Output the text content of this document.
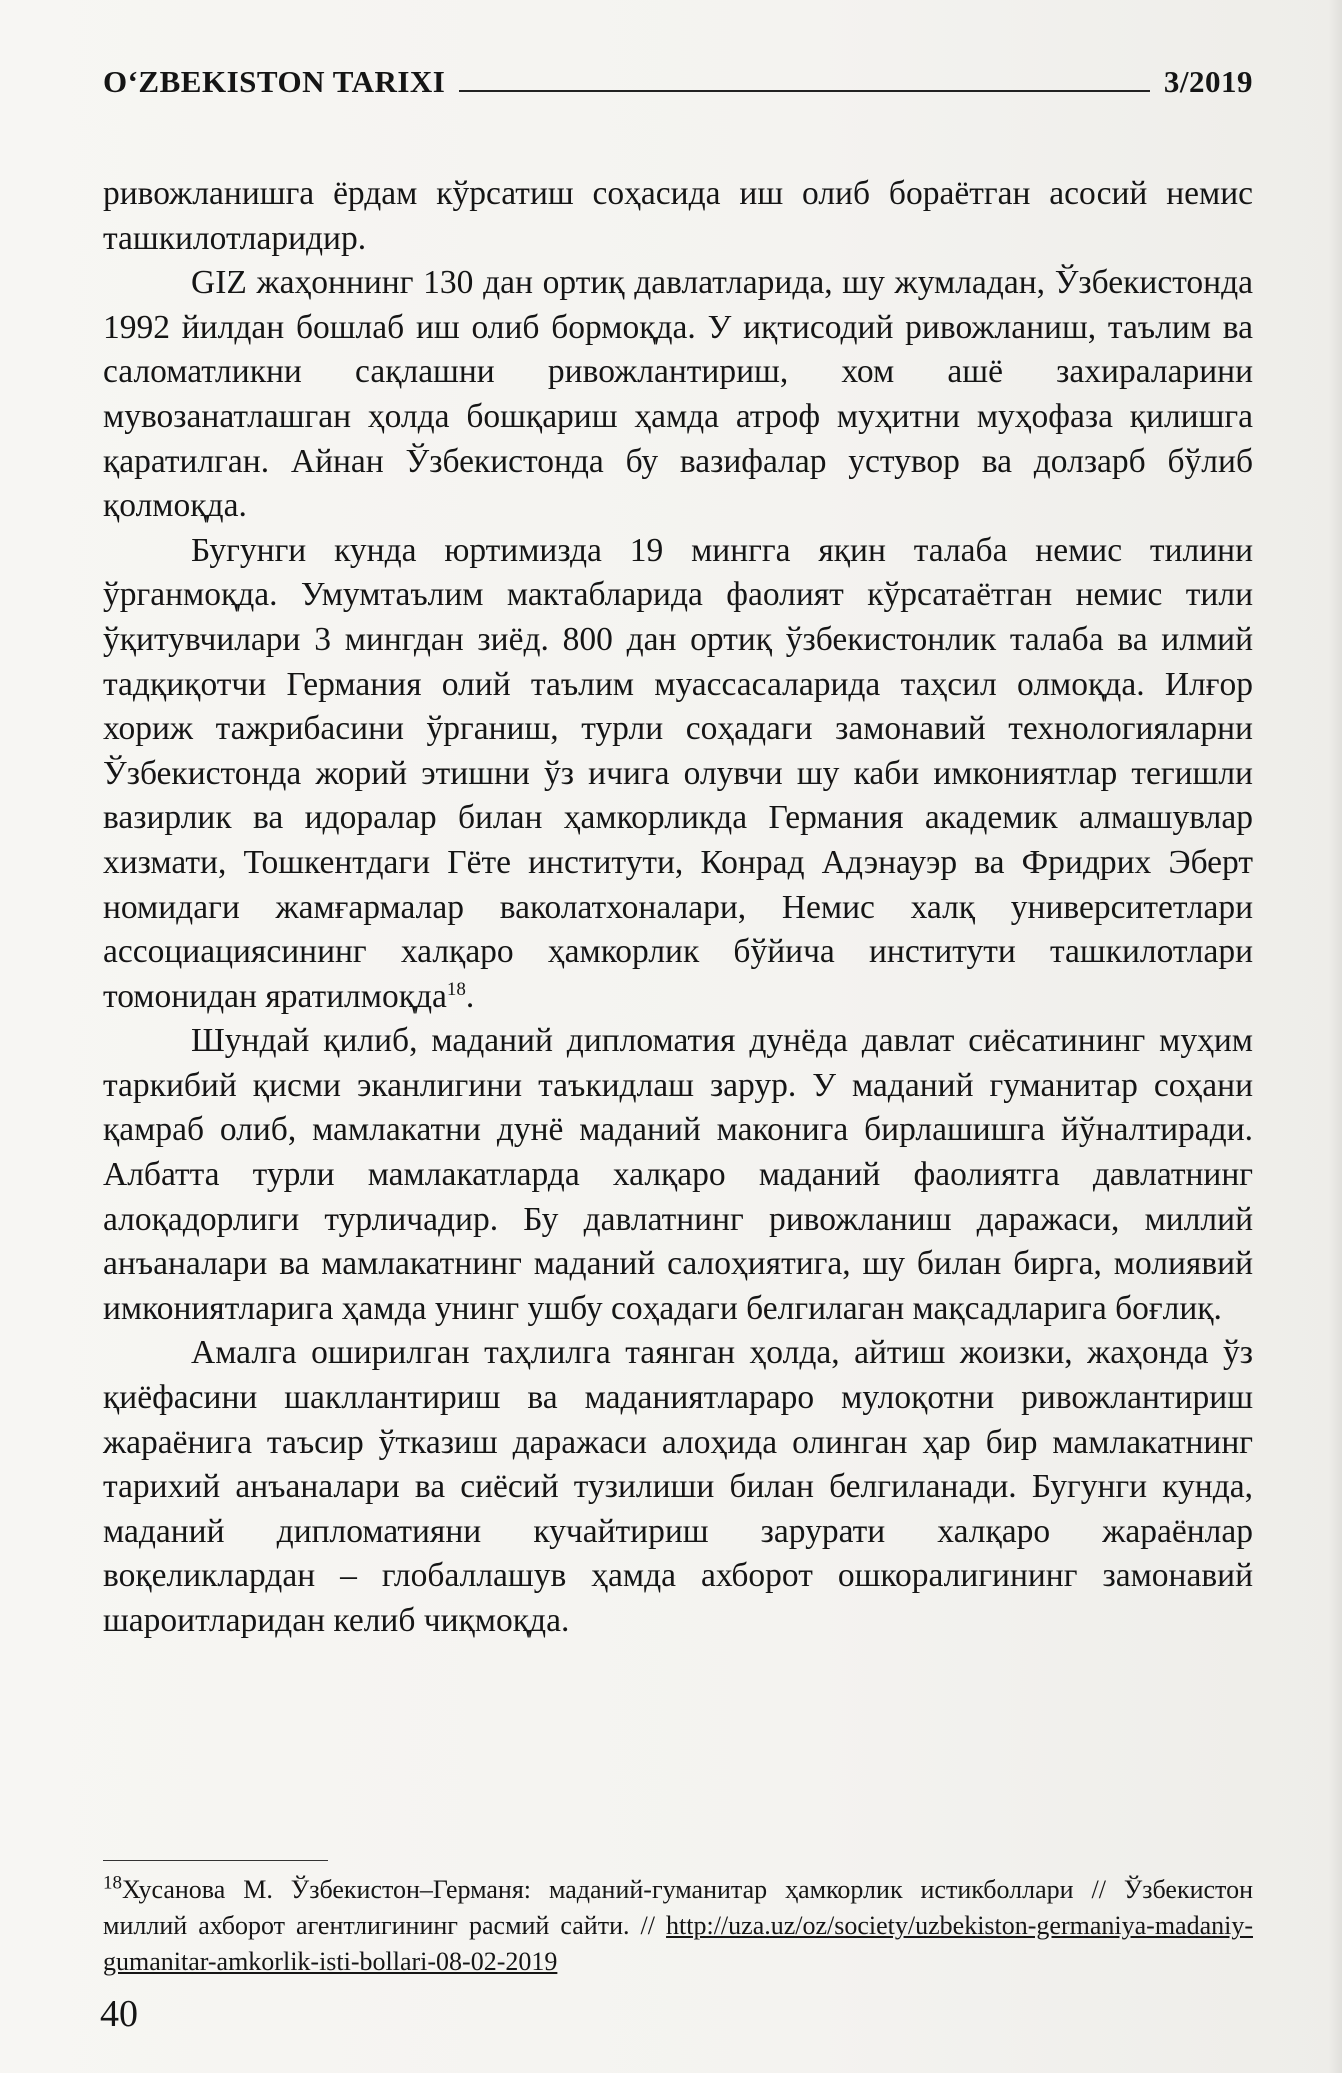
O‘ZBEKISTON TARIXI	3/2019

ривожланишга ёрдам кўрсатиш соҳасида иш олиб бораётган асосий немис ташкилотларидир.

GIZ жаҳоннинг 130 дан ортиқ давлатларида, шу жумладан, Ўзбекистонда 1992 йилдан бошлаб иш олиб бормоқда. У иқтисодий ривожланиш, таълим ва саломатликни сақлашни ривожлантириш, хом ашё захираларини мувозанатлашган ҳолда бошқариш ҳамда атроф муҳитни муҳофаза қилишга қаратилган. Айнан Ўзбекистонда бу вазифалар устувор ва долзарб бўлиб қолмоқда.

Бугунги кунда юртимизда 19 мингга яқин талаба немис тилини ўрганмоқда. Умумтаълим мактабларида фаолият кўрсатаётган немис тили ўқитувчилари 3 мингдан зиёд. 800 дан ортиқ ўзбекистонлик талаба ва илмий тадқиқотчи Германия олий таълим муассасаларида таҳсил олмоқда. Илғор хориж тажрибасини ўрганиш, турли соҳадаги замонавий технологияларни Ўзбекистонда жорий этишни ўз ичига олувчи шу каби имкониятлар тегишли вазирлик ва идоралар билан ҳамкорликда Германия академик алмашувлар хизмати, Тошкентдаги Гёте институти, Конрад Адэнауэр ва Фридрих Эберт номидаги жамғармалар ваколатхоналари, Немис халқ университетлари ассоциациясининг халқаро ҳамкорлик бўйича институти ташкилотлари томонидан яратилмоқда$^{18}$.

Шундай қилиб, маданий дипломатия дунёда давлат сиёсатининг муҳим таркибий қисми эканлигини таъкидлаш зарур. У маданий гуманитар соҳани қамраб олиб, мамлакатни дунё маданий маконига бирлашишга йўналтиради. Албатта турли мамлакатларда халқаро маданий фаолиятга давлатнинг алоқадорлиги турличадир. Бу давлатнинг ривожланиш даражаси, миллий анъаналари ва мамлакатнинг маданий салоҳиятига, шу билан бирга, молиявий имкониятларига ҳамда унинг ушбу соҳадаги белгилаган мақсадларига боғлиқ.

Амалга оширилган таҳлилга таянган ҳолда, айтиш жоизки, жаҳонда ўз қиёфасини шакллантириш ва маданиятлараро мулоқотни ривожлантириш жараёнига таъсир ўтказиш даражаси алоҳида олинган ҳар бир мамлакатнинг тарихий анъаналари ва сиёсий тузилиши билан белгиланади. Бугунги кунда, маданий дипломатияни кучайтириш зарурати халқаро жараёнлар воқеликлардан – глобаллашув ҳамда ахборот ошкоралигининг замонавий шароитларидан келиб чиқмоқда.

$^{18}$Хусанова М. Ўзбекистон–Германя: маданий-гуманитар ҳамкорлик истикболлари // Ўзбекистон миллий ахборот агентлигининг расмий сайти. // http://uza.uz/oz/society/uzbekiston-germaniya-madaniy-gumanitar-amkorlik-isti-bollari-08-02-2019
40
